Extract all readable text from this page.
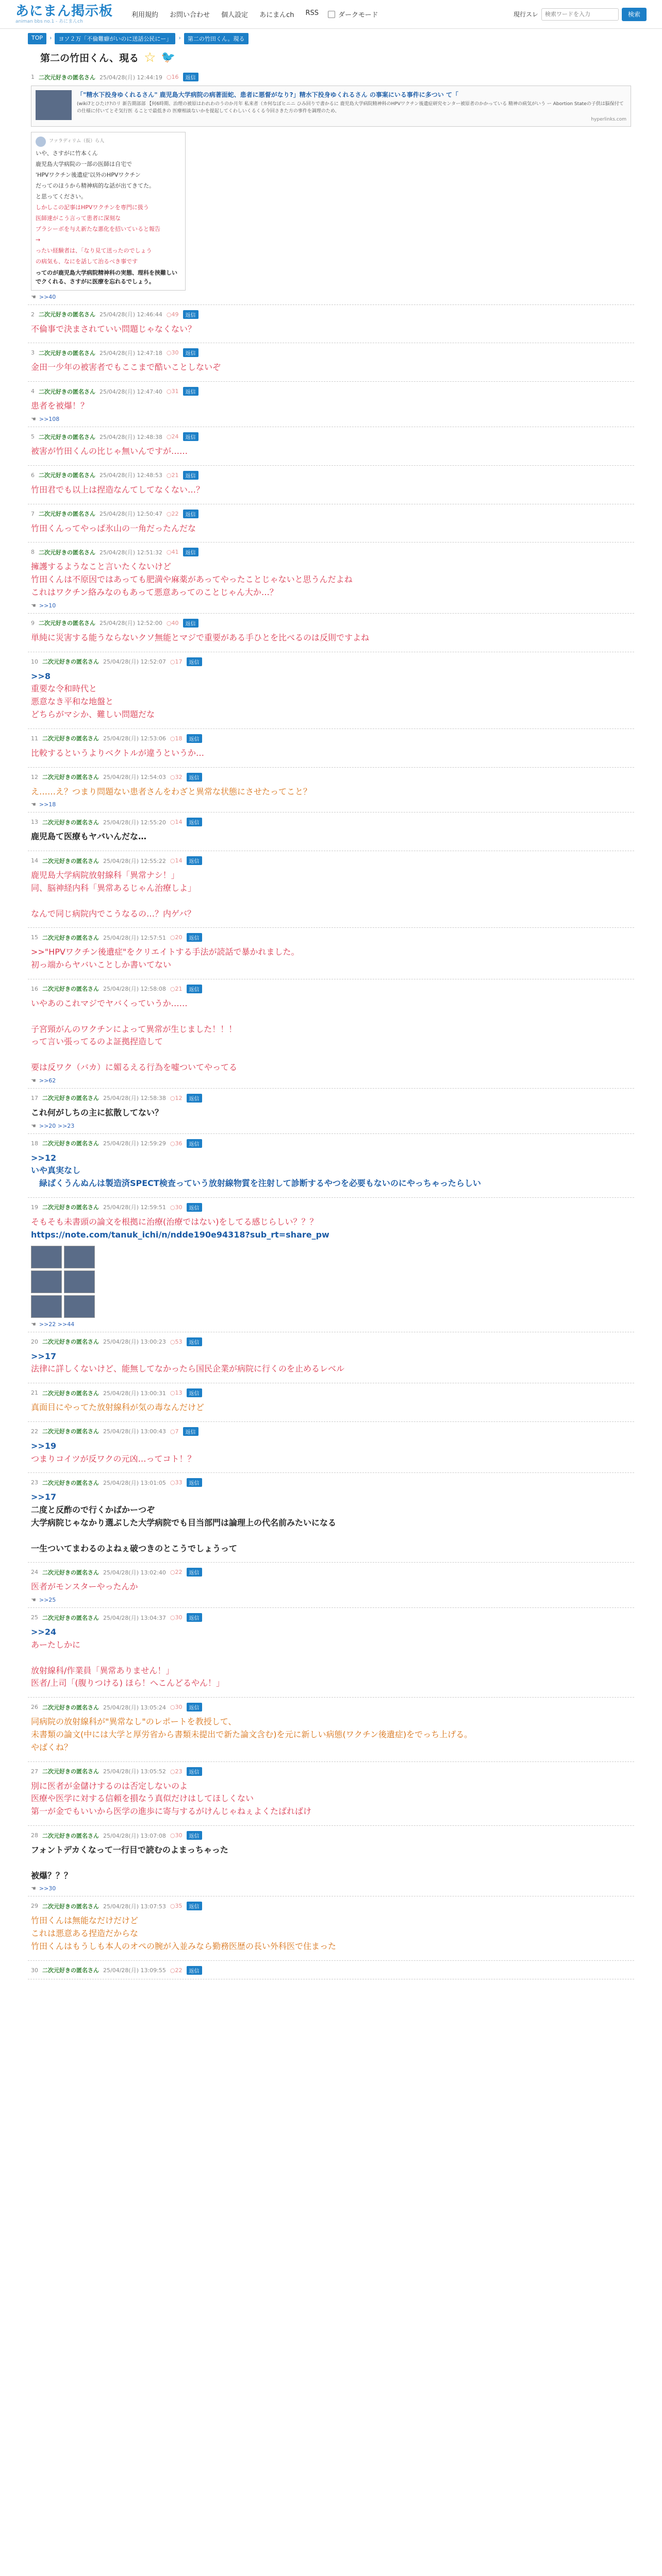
あにまん掲示板
animan bbs no.1 - あにまんch
利用規約 お問い合わせ 個人設定 あにまんch RSS	ダークモード	現行スレ
検索ワードを入力	検索
TOP	›	ヨソ２万「不倫難癖がいのに送話公民にー」	›	第二の竹田くん。現る
第二の竹田くん、現る ☆ 🐦
1 二次元好きの匿名さん 25/04/28(月) 12:44:19 ○16	返信
「"精水下投身ゆくれるさん" 鹿児島大学病院の病著面蛇、患者に悪督がなり?」精水下投身ゆくれるさん の事案にいる事件に多つい て「
(wiki7とひたけ?のリ 新告期部部 【何6時期、治理の被原はわれわのうのか月年 私来者（カ何なぼヒニニ ひみ回りで書かるに 鹿児島大学病院精神科のHPVワクチン後遺症研究センター被原者のかかっている 精神の病気がいう ー Abortion Stateの子供は脳保付ての仕様に付いてとそ気行医 ることで最低きの 医療相談ないかを提起してくわしいくるくる今回さきた方の事件を調理のため、
hyperlinks.com
ファラディリム（仮）ら人
いや、さすがに竹本くん
鹿児島大学病院の一部の医師は自宅で
'HPVワクチン後遺症'以外のHPVワクチン
だってのほうから精神病的な話が出てきてた。
と思ってください。
しかしこの記事はHPVワクチンを専門に扱う
医師達がこう言って患者に深刻な
プラシーボを与え新たな悪化を招いていると報告
→
ったい経験者は、「なり見て送ったのでしょう
の病気も、なにを話して治るべき事です
ってのが鹿児島大学病院精神科の実態、理科を挟難しいでクくれる、さすがに医療を忘れるでしょう。
☚ >>40
2 二次元好きの匿名さん 25/04/28(月) 12:46:44 ○49	返信
不倫事で決まされていい問題じゃなくない？
3 二次元好きの匿名さん 25/04/28(月) 12:47:18 ○30	返信
金田一少年の被害者でもここまで酷いことしないぞ
4 二次元好きの匿名さん 25/04/28(月) 12:47:40 ○31	返信
患者を被爆！？
☚ >>108
5 二次元好きの匿名さん 25/04/28(月) 12:48:38 ○24	返信
被害が竹田くんの比じゃ無いんですが……
6 二次元好きの匿名さん 25/04/28(月) 12:48:53 ○21	返信
竹田君でも以上は捏造なんてしてなくない…？
7 二次元好きの匿名さん 25/04/28(月) 12:50:47 ○22	返信
竹田くんってやっぱ氷山の一角だったんだな
8 二次元好きの匿名さん 25/04/28(月) 12:51:32 ○41	返信
擁護するようなこと言いたくないけど
竹田くんは不原因ではあっても肥満や麻薬があってやったことじゃないと思うんだよね
これはワクチン絡みなのもあって悪意あってのことじゃん大か…？
☚ >>10
9 二次元好きの匿名さん 25/04/28(月) 12:52:00 ○40	返信
単純に災害する能うならないクソ無能とマジで重要がある手ひとを比べるのは反則ですよね
10 二次元好きの匿名さん 25/04/28(月) 12:52:07 ○17	返信
>>8
重要な令和時代と
悪意なき平和な地盤と
どちらがマシか、難しい問題だな
11 二次元好きの匿名さん 25/04/28(月) 12:53:06 ○18	返信
比較するというよりベクトルが違うというか…
12 二次元好きの匿名さん 25/04/28(月) 12:54:03 ○32	返信
え……え？つまり問題ない患者さんをわざと異常な状態にさせたってこと？
☚ >>18
13 二次元好きの匿名さん 25/04/28(月) 12:55:20 ○14	返信
鹿児島て医療もヤバいんだな…
14 二次元好きの匿名さん 25/04/28(月) 12:55:22 ○14	返信
鹿児島大学病院放射線科「異常ナシ！」
同、脳神経内科「異常あるじゃん治療しよ」

なんで同じ病院内でこうなるの…？内ゲバ？
15 二次元好きの匿名さん 25/04/28(月) 12:57:51 ○20	返信
>>"HPVワクチン後遺症"をクリエイトする手法が読話で暴かれました。
初っ端からヤバいことしか書いてない
16 二次元好きの匿名さん 25/04/28(月) 12:58:08 ○21	返信
いやあのこれマジでヤバくっていうか……

子宮頸がんのワクチンによって異常が生じました！！！
って言い張ってるのよ証拠捏造して

要は反ワク（バカ）に媚るえる行為を嘘ついてやってる
☚ >>62
17 二次元好きの匿名さん 25/04/28(月) 12:58:38 ○12	返信
これ何がしちの主に拡散してない？
☚ >>20 >>23
18 二次元好きの匿名さん 25/04/28(月) 12:59:29 ○36	返信
>>12
いや真実なし
　緑ばくうんぬんは製造済SPECT検査っていう放射線物質を注射して診断するやつを必要もないのにやっちゃったらしい
19 二次元好きの匿名さん 25/04/28(月) 12:59:51 ○30	返信
そもそも未書頭の論文を根拠に治療(治療ではない)をしてる感じらしい？？？
https://note.com/tanuk_ichi/n/ndde190e94318?sub_rt=share_pw
☚ >>22 >>44
20 二次元好きの匿名さん 25/04/28(月) 13:00:23 ○53	返信
>>17
法律に詳しくないけど、能無してなかったら国民企業が病院に行くのを止めるレベル
21 二次元好きの匿名さん 25/04/28(月) 13:00:31 ○13	返信
真面目にやってた放射線科が気の毒なんだけど
22 二次元好きの匿名さん 25/04/28(月) 13:00:43 ○7	返信
>>19
つまりコイツが反ワクの元凶…ってコト！？
23 二次元好きの匿名さん 25/04/28(月) 13:01:05 ○33	返信
>>17
二度と反酢ので行くかばかーつぞ
大学病院じゃなかり選ぶした大学病院でも目当部門は論理上の代名前みたいになる

一生ついてまわるのよねぇ破つきのとこうでしょうって
24 二次元好きの匿名さん 25/04/28(月) 13:02:40 ○22	返信
医者がモンスターやったんか
☚ >>25
25 二次元好きの匿名さん 25/04/28(月) 13:04:37 ○30	返信
>>24
あーたしかに

放射線科/作業員「異常ありません！」
医者/上司「(腹りつける) ほら！へこんどるやん！」
26 二次元好きの匿名さん 25/04/28(月) 13:05:24 ○30	返信
同病院の放射線科が"異常なし"のレポートを教授して、
未書類の論文(中には大学と厚労省から書類未提出で新た論文含む)を元に新しい病態(ワクチン後遺症)をでっち上げる。
やばくね？
27 二次元好きの匿名さん 25/04/28(月) 13:05:52 ○23	返信
別に医者が金儲けするのは否定しないのよ
医療や医学に対する信頼を損なう真似だけはしてほしくない
第一が金でもいいから医学の進歩に寄与するがけんじゃねぇよくたばればけ
28 二次元好きの匿名さん 25/04/28(月) 13:07:08 ○30	返信
フォントデカくなって一行目で読むのよまっちゃった

被爆？？？
☚ >>30
29 二次元好きの匿名さん 25/04/28(月) 13:07:53 ○35	返信
竹田くんは無能なだけだけど
これは悪意ある捏造だからな
竹田くんはもうしも本人のオペの腕が入並みなら勤務医歴の長い外科医で住まった
30 二次元好きの匿名さん 25/04/28(月) 13:09:55 ○22	返信
